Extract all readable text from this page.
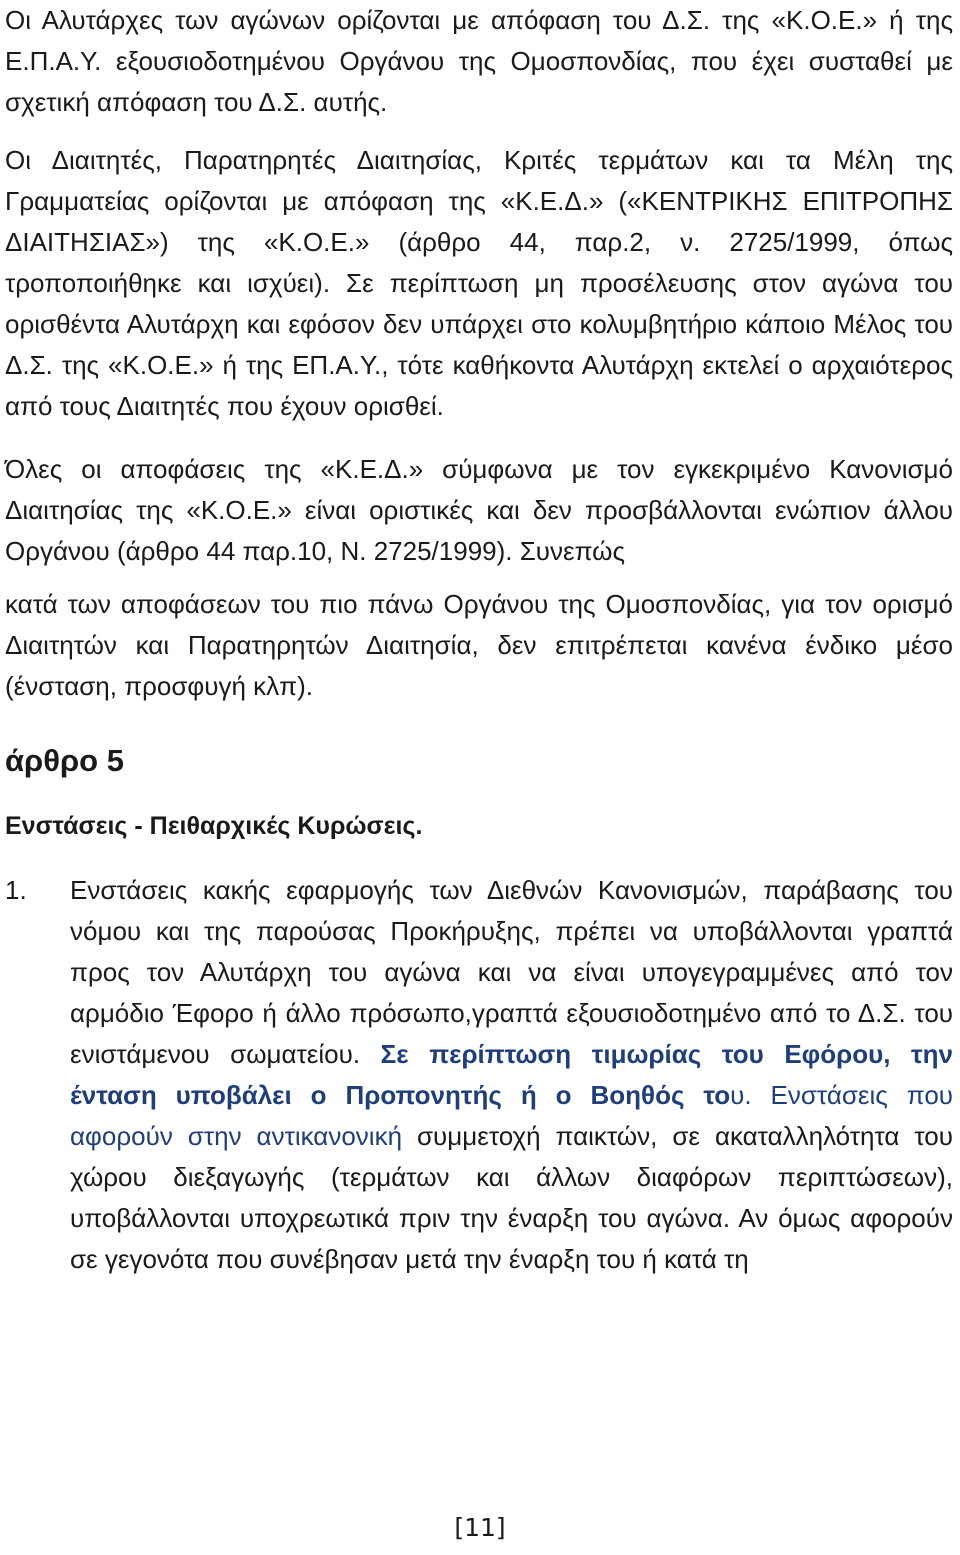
Οι Αλυτάρχες των αγώνων ορίζονται με απόφαση του Δ.Σ. της «Κ.Ο.Ε.» ή της Ε.Π.Α.Υ. εξουσιοδοτημένου Οργάνου της Ομοσπονδίας, που έχει συσταθεί με σχετική απόφαση του Δ.Σ. αυτής.

Οι Διαιτητές, Παρατηρητές Διαιτησίας, Κριτές τερμάτων και τα Μέλη της Γραμματείας ορίζονται με απόφαση της «Κ.Ε.Δ.» («ΚΕΝΤΡΙΚΗΣ ΕΠΙΤΡΟΠΗΣ ΔΙΑΙΤΗΣΙΑΣ») της «Κ.Ο.Ε.» (άρθρο 44, παρ.2, ν. 2725/1999, όπως τροποποιήθηκε και ισχύει). Σε περίπτωση μη προσέλευσης στον αγώνα του ορισθέντα Αλυτάρχη και εφόσον δεν υπάρχει στο κολυμβητήριο κάποιο Μέλος του Δ.Σ. της «Κ.Ο.Ε.» ή της ΕΠ.Α.Υ., τότε καθήκοντα Αλυτάρχη εκτελεί ο αρχαιότερος από τους Διαιτητές που έχουν ορισθεί.

Όλες οι αποφάσεις της «Κ.Ε.Δ.» σύμφωνα με τον εγκεκριμένο Κανονισμό Διαιτησίας της «Κ.Ο.Ε.» είναι οριστικές και δεν προσβάλλονται ενώπιον άλλου Οργάνου (άρθρο 44 παρ.10, Ν. 2725/1999). Συνεπώς

κατά των αποφάσεων του πιο πάνω Οργάνου της Ομοσπονδίας, για τον ορισμό Διαιτητών και Παρατηρητών Διαιτησία, δεν επιτρέπεται κανένα ένδικο μέσο (ένσταση, προσφυγή κλπ).

άρθρο 5
Ενστάσεις - Πειθαρχικές Κυρώσεις.
1. Ενστάσεις κακής εφαρμογής των Διεθνών Κανονισμών, παράβασης του νόμου και της παρούσας Προκήρυξης, πρέπει να υποβάλλονται γραπτά προς τον Αλυτάρχη του αγώνα και να είναι υπογεγραμμένες από τον αρμόδιο Έφορο ή άλλο πρόσωπο,γραπτά εξουσιοδοτημένο από το Δ.Σ. του ενιστάμενου σωματείου. Σε περίπτωση τιμωρίας του Εφόρου, την ένταση υποβάλει ο Προπονητής ή ο Βοηθός του. Ενστάσεις που αφορούν στην αντικανονική συμμετοχή παικτών, σε ακαταλληλότητα του χώρου διεξαγωγής (τερμάτων και άλλων διαφόρων περιπτώσεων), υποβάλλονται υποχρεωτικά πριν την έναρξη του αγώνα. Αν όμως αφορούν σε γεγονότα που συνέβησαν μετά την έναρξη του ή κατά τη

[11]
